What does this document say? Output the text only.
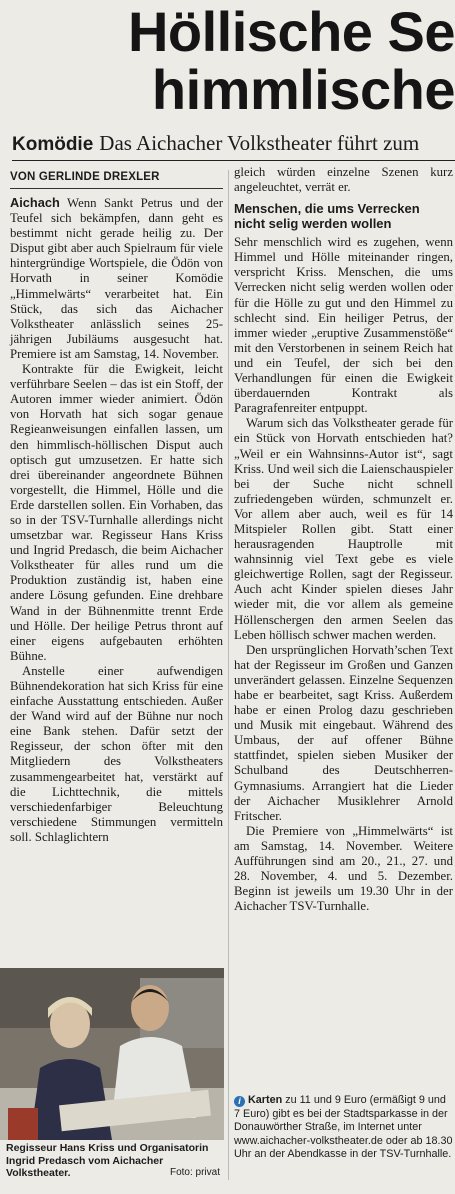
Höllische Se
himmlische
Komödie Das Aichacher Volkstheater führt zum
VON GERLINDE DREXLER

Aichach Wenn Sankt Petrus und der Teufel sich bekämpfen, dann geht es bestimmt nicht gerade heilig zu. Der Disput gibt aber auch Spielraum für viele hintergründige Wortspiele, die Ödön von Horvath in seiner Komödie „Himmelwärts“ verarbeitet hat. Ein Stück, das sich das Aichacher Volkstheater anlässlich seines 25-jährigen Jubiläums ausgesucht hat. Premiere ist am Samstag, 14. November.

Kontrakte für die Ewigkeit, leicht verführbare Seelen – das ist ein Stoff, der Autoren immer wieder animiert. Ödön von Horvath hat sich sogar genaue Regieanweisungen einfallen lassen, um den himmlisch-höllischen Disput auch optisch gut umzusetzen. Er hatte sich drei übereinander angeordnete Bühnen vorgestellt, die Himmel, Hölle und die Erde darstellen sollen. Ein Vorhaben, das so in der TSV-Turnhalle allerdings nicht umsetzbar war. Regisseur Hans Kriss und Ingrid Predasch, die beim Aichacher Volkstheater für alles rund um die Produktion zuständig ist, haben eine andere Lösung gefunden. Eine drehbare Wand in der Bühnenmitte trennt Erde und Hölle. Der heilige Petrus thront auf einer eigens aufgebauten erhöhten Bühne.

Anstelle einer aufwendigen Bühnendekoration hat sich Kriss für eine einfache Ausstattung entschieden. Außer der Wand wird auf der Bühne nur noch eine Bank stehen. Dafür setzt der Regisseur, der schon öfter mit den Mitgliedern des Volkstheaters zusammengearbeitet hat, verstärkt auf die Lichttechnik, die mittels verschiedenfarbiger Beleuchtung verschiedene Stimmungen vermitteln soll. Schlaglichtern

Regisseur Hans Kriss und Organisatorin Ingrid Predasch vom Aichacher Volkstheater.	Foto: privat

gleich würden einzelne Szenen kurz angeleuchtet, verrät er.

Menschen, die ums Verrecken nicht selig werden wollen

Sehr menschlich wird es zugehen, wenn Himmel und Hölle miteinander ringen, verspricht Kriss. Menschen, die ums Verrecken nicht selig werden wollen oder für die Hölle zu gut und den Himmel zu schlecht sind. Ein heiliger Petrus, der immer wieder „eruptive Zusammenstöße“ mit den Verstorbenen in seinem Reich hat und ein Teufel, der sich bei den Verhandlungen für einen die Ewigkeit überdauernden Kontrakt als Paragrafenreiter entpuppt.

Warum sich das Volkstheater gerade für ein Stück von Horvath entschieden hat? „Weil er ein Wahnsinns-Autor ist“, sagt Kriss. Und weil sich die Laienschauspieler bei der Suche nicht schnell zufriedengeben würden, schmunzelt er. Vor allem aber auch, weil es für 14 Mitspieler Rollen gibt. Statt einer herausragenden Hauptrolle mit wahnsinnig viel Text gebe es viele gleichwertige Rollen, sagt der Regisseur. Auch acht Kinder spielen dieses Jahr wieder mit, die vor allem als gemeine Höllenschergen den armen Seelen das Leben höllisch schwer machen werden.

Den ursprünglichen Horvath’schen Text hat der Regisseur im Großen und Ganzen unverändert gelassen. Einzelne Sequenzen habe er bearbeitet, sagt Kriss. Außerdem habe er einen Prolog dazu geschrieben und Musik mit eingebaut. Während des Umbaus, der auf offener Bühne stattfindet, spielen sieben Musiker der Schulband des Deutschherren-Gymnasiums. Arrangiert hat die Lieder der Aichacher Musiklehrer Arnold Fritscher.

Die Premiere von „Himmelwärts“ ist am Samstag, 14. November. Weitere Aufführungen sind am 20., 21., 27. und 28. November, 4. und 5. Dezember. Beginn ist jeweils um 19.30 Uhr in der Aichacher TSV-Turnhalle.

i Karten zu 11 und 9 Euro (ermäßigt 9 und 7 Euro) gibt es bei der Stadtsparkasse in der Donauwörther Straße, im Internet unter www.aichacher-volkstheater.de oder ab 18.30 Uhr an der Abendkasse in der TSV-Turnhalle.
